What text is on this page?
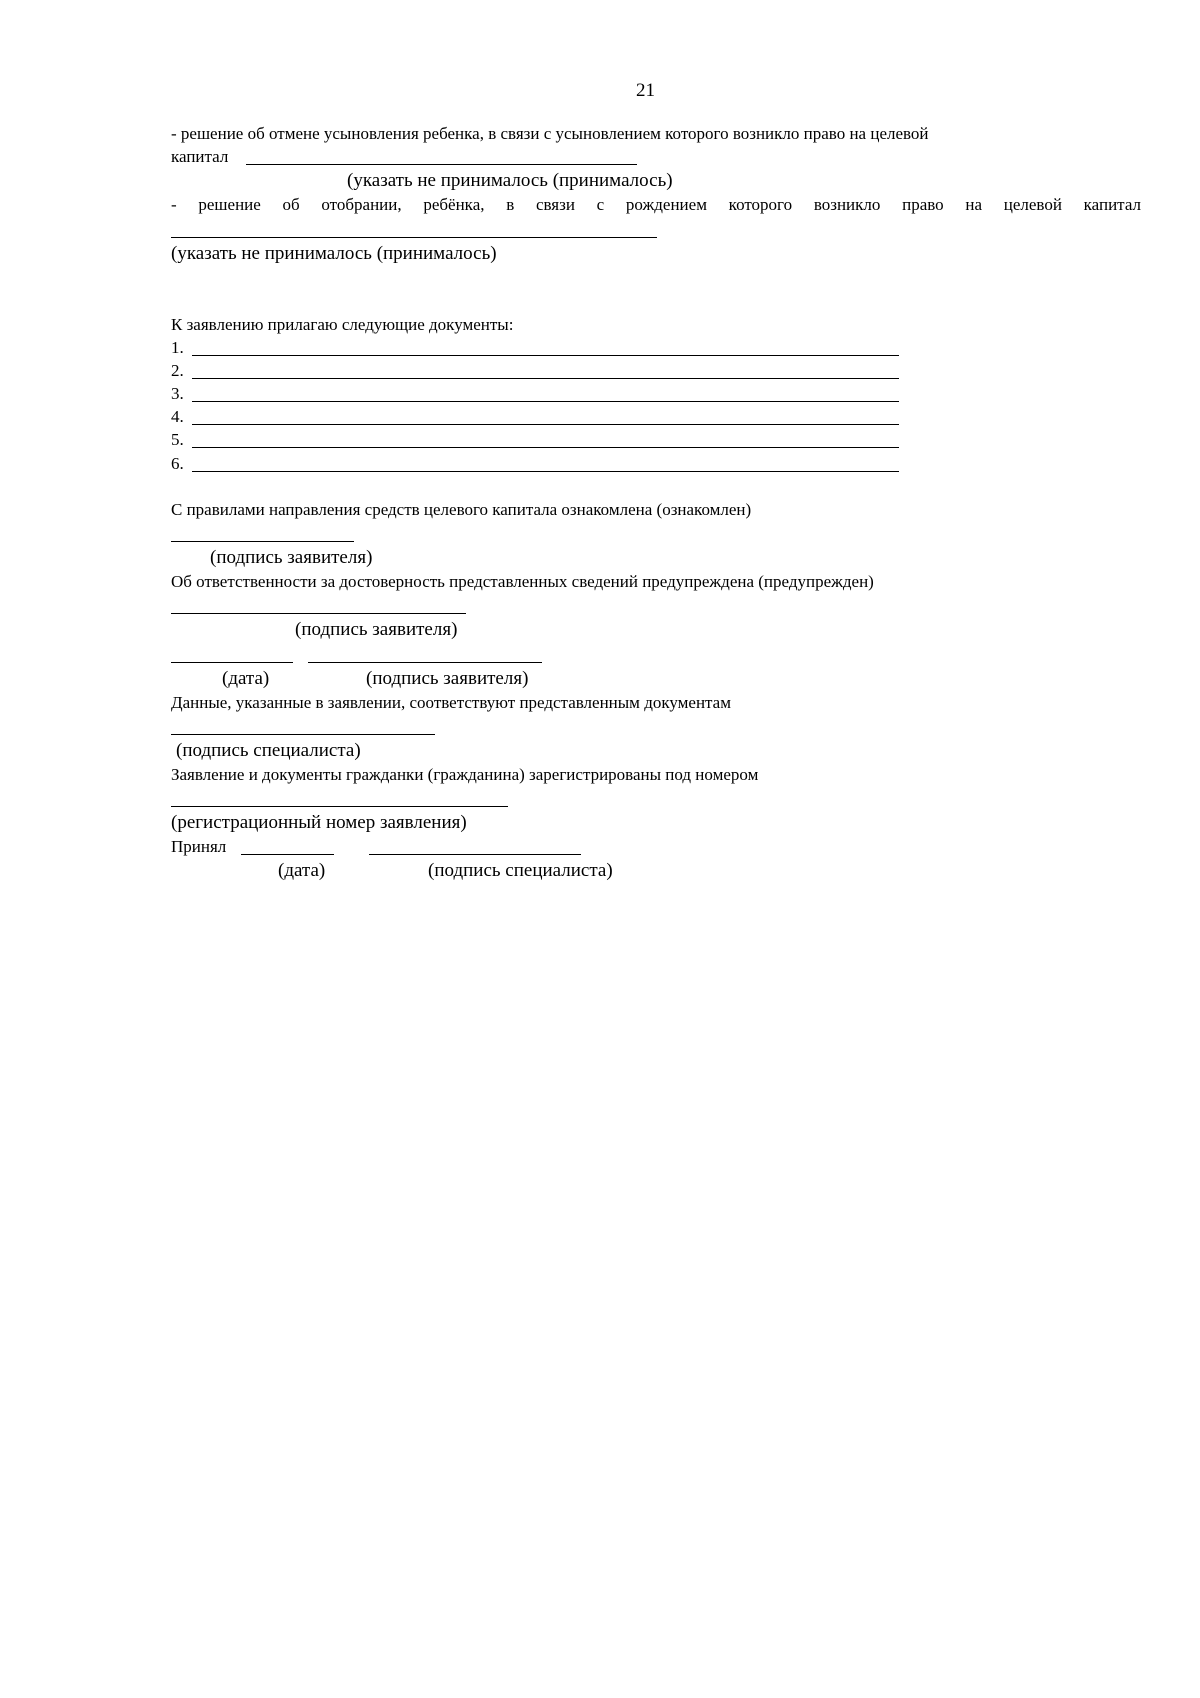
21
- решение об отмене усыновления ребенка, в связи с усыновлением которого возникло право на целевой
капитал
(указать не принималось (принималось)
- решение об отобрании, ребёнка, в связи с рождением которого возникло право на целевой капитал
(указать не принималось (принималось)
К заявлению прилагаю следующие документы:
1.
2.
3.
4.
5.
6.
С правилами направления средств целевого капитала ознакомлена (ознакомлен)
(подпись заявителя)
Об ответственности за достоверность представленных сведений предупреждена (предупрежден)
(подпись заявителя)
(дата)	(подпись заявителя)
Данные, указанные в заявлении, соответствуют представленным документам
(подпись специалиста)
Заявление и документы гражданки (гражданина) зарегистрированы под номером
(регистрационный номер заявления)
Принял
(дата)	(подпись специалиста)
